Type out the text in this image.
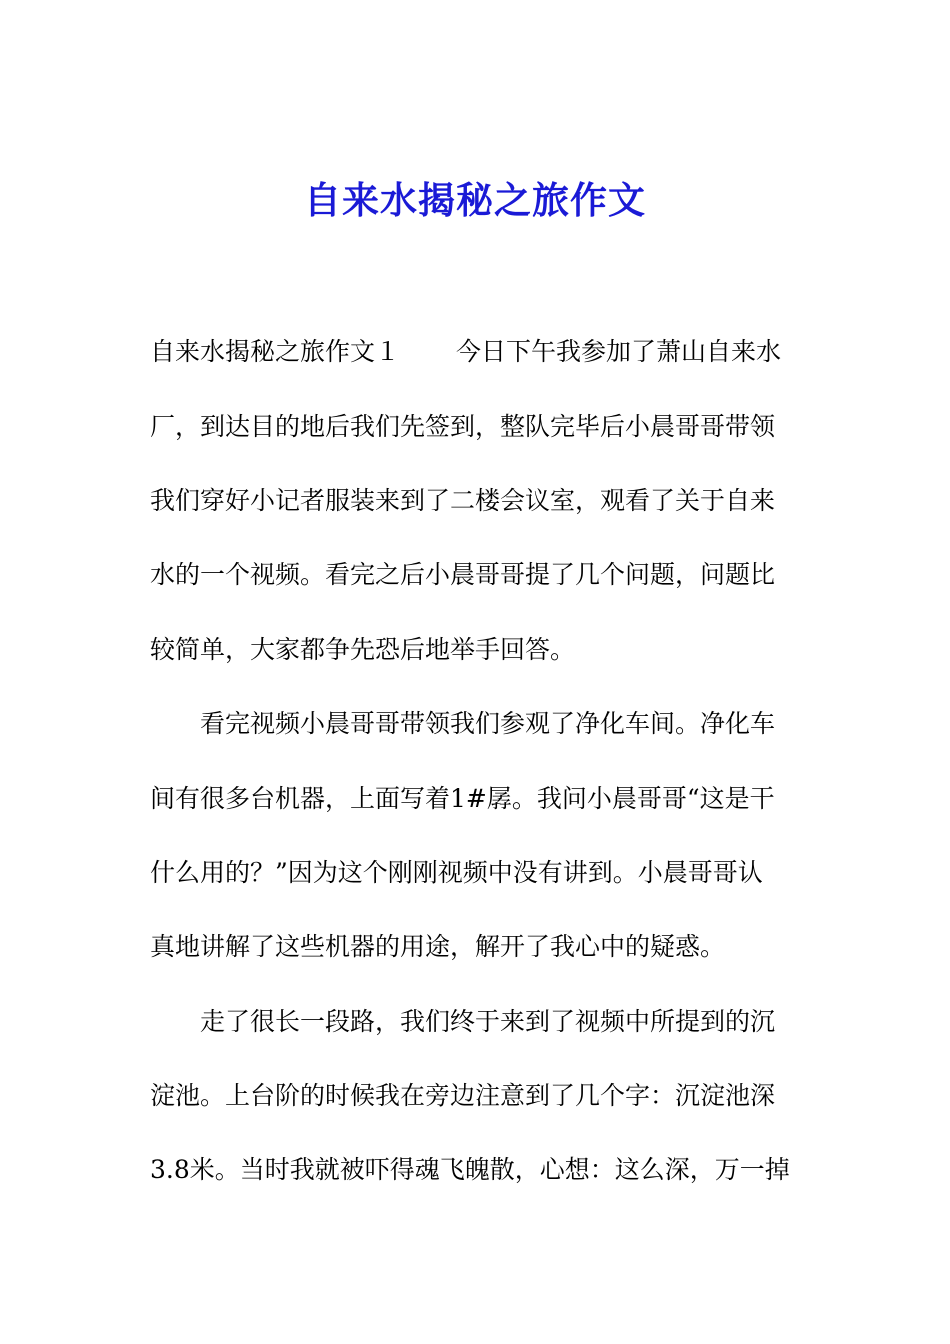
自来水揭秘之旅作文
自来水揭秘之旅作文１ 今日下午我参加了萧山自来水
厂，到达目的地后我们先签到，整队完毕后小晨哥哥带领
我们穿好小记者服装来到了二楼会议室，观看了关于自来
水的一个视频。看完之后小晨哥哥提了几个问题，问题比
较简单，大家都争先恐后地举手回答。
看完视频小晨哥哥带领我们参观了净化车间。净化车
间有很多台机器，上面写着1#孱。我问小晨哥哥“这是干
什么用的？”因为这个刚刚视频中没有讲到。小晨哥哥认
真地讲解了这些机器的用途，解开了我心中的疑惑。
走了很长一段路，我们终于来到了视频中所提到的沉
淀池。上台阶的时候我在旁边注意到了几个字：沉淀池深
3.8米。当时我就被吓得魂飞魄散，心想：这么深，万一掉
